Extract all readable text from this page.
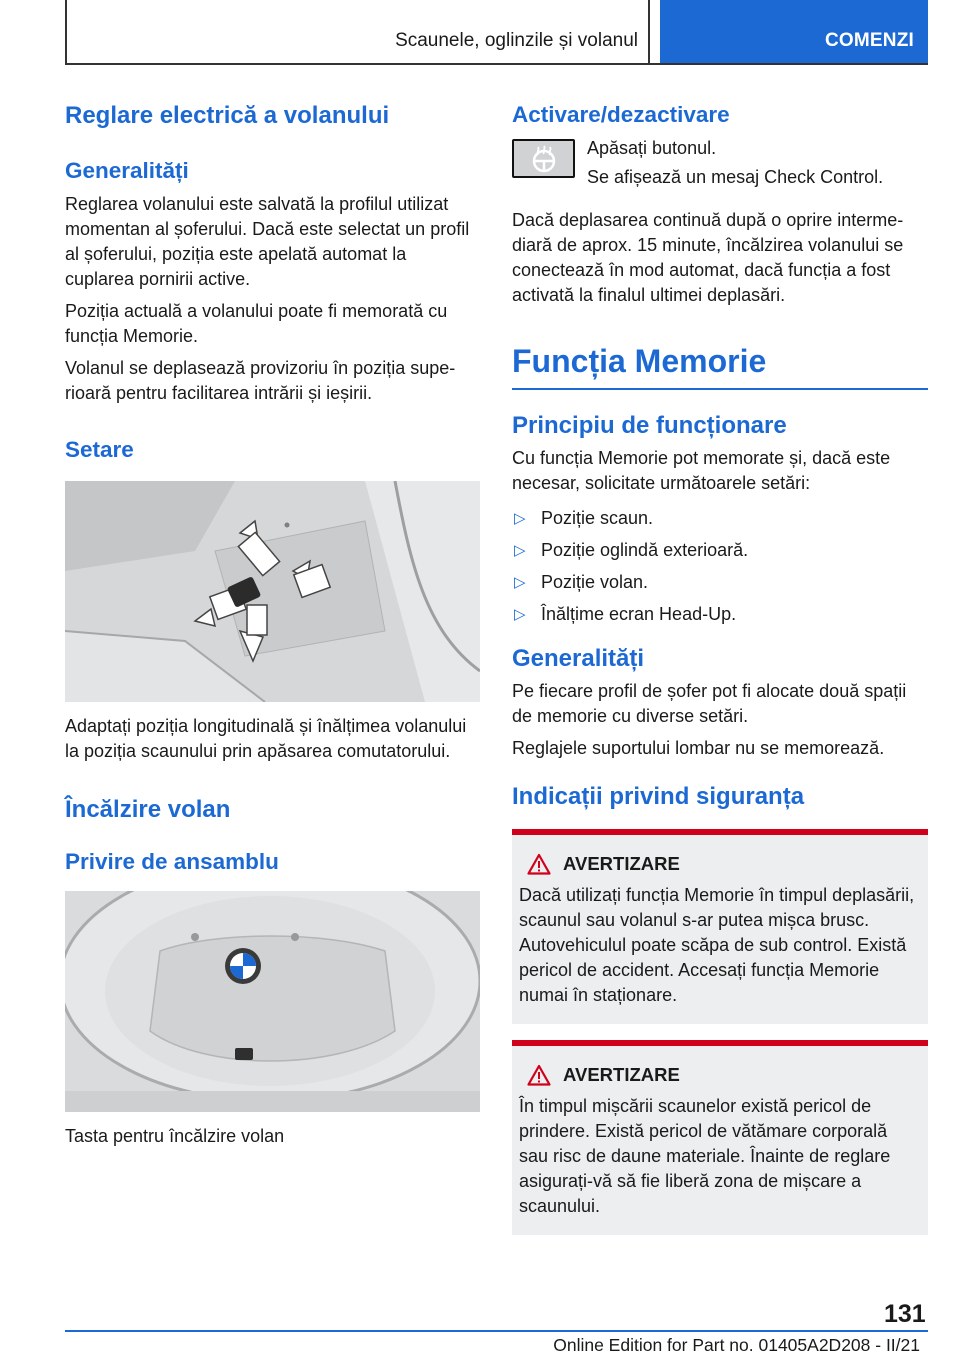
Scaunele, oglinzile și volanul	COMENZI
Reglare electrică a volanului
Generalități

Reglarea volanului este salvată la profilul utilizat momentan al șoferului. Dacă este selectat un profil al șoferului, poziția este apelată automat la cuplarea pornirii active.

Poziția actuală a volanului poate fi memorată cu funcția Memorie.

Volanul se deplasează provizoriu în poziția superioară pentru facilitarea intrării și ieșirii.

Setare

Adaptați poziția longitudinală și înălțimea volanului la poziția scaunului prin apăsarea comutatorului.

Încălzire volan
Privire de ansamblu

Tasta pentru încălzire volan

Activare/dezactivare

Apăsați butonul.

Se afișează un mesaj Check Control.

Dacă deplasarea continuă după o oprire intermediară de aprox. 15 minute, încălzirea volanului se conectează în mod automat, dacă funcția a fost activată la finalul ultimei deplasări.

Funcția Memorie
Principiu de funcționare

Cu funcția Memorie pot memorate și, dacă este necesar, solicitate următoarele setări:

▷ Poziție scaun.
▷ Poziție oglindă exterioară.
▷ Poziție volan.
▷ Înălțime ecran Head-Up.
Generalități

Pe fiecare profil de șofer pot fi alocate două spații de memorie cu diverse setări.

Reglajele suportului lombar nu se memorează.

Indicații privind siguranța
AVERTIZARE

Dacă utilizați funcția Memorie în timpul deplasării, scaunul sau volanul s-ar putea mișca brusc. Autovehiculul poate scăpa de sub control. Există pericol de accident. Accesați funcția Memorie numai în staționare.

AVERTIZARE

În timpul mișcării scaunelor există pericol de prindere. Există pericol de vătămare corporală sau risc de daune materiale. Înainte de reglare asigurați-vă să fie liberă zona de mișcare a scaunului.

131
Online Edition for Part no. 01405A2D208 - II/21
